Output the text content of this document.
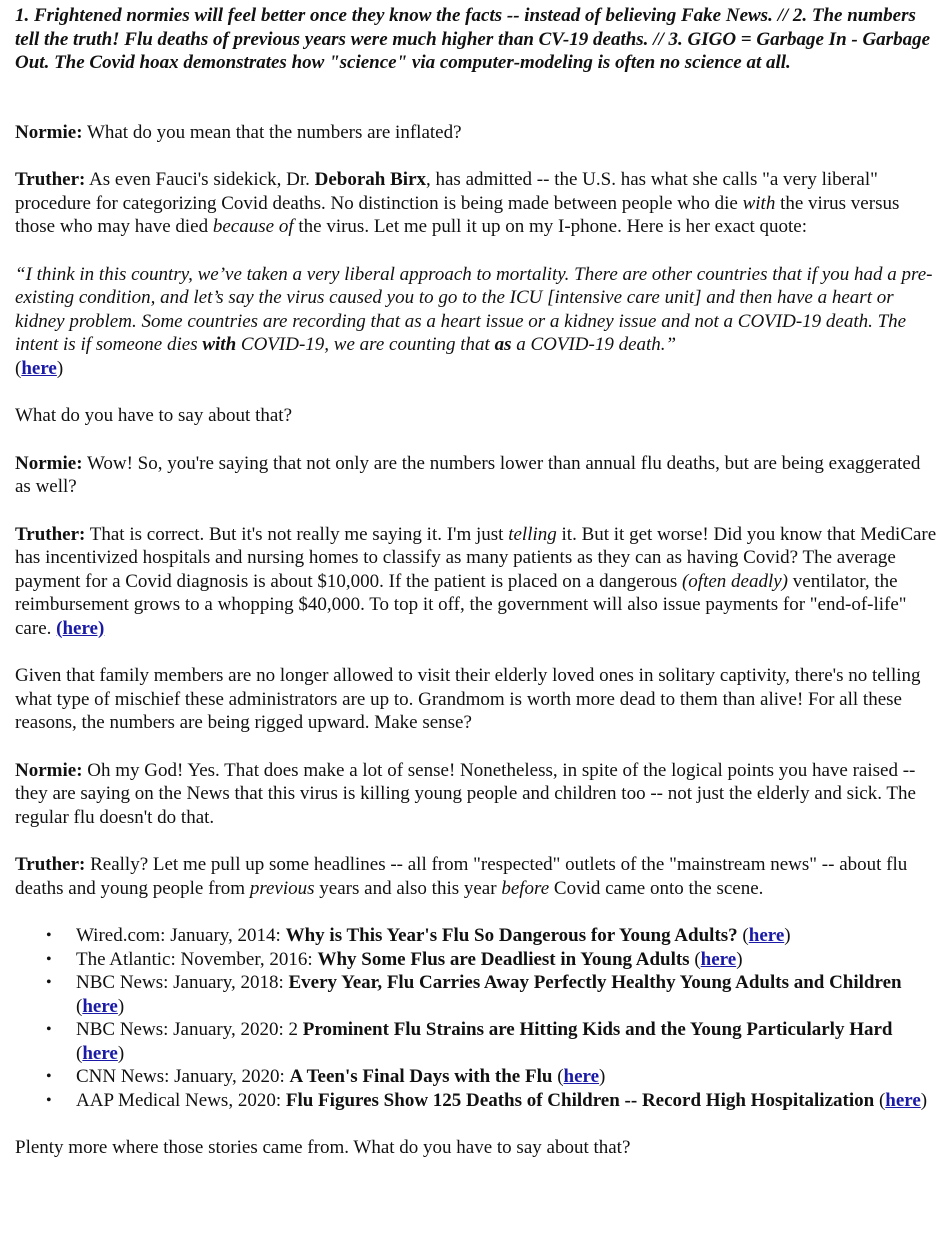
1. Frightened normies will feel better once they know the facts -- instead of believing Fake News. // 2. The numbers tell the truth! Flu deaths of previous years were much higher than CV-19 deaths. // 3. GIGO = Garbage In - Garbage Out. The Covid hoax demonstrates how "science" via computer-modeling is often no science at all.

Normie: What do you mean that the numbers are inflated?

Truther: As even Fauci's sidekick, Dr. Deborah Birx, has admitted -- the U.S. has what she calls "a very liberal" procedure for categorizing Covid deaths. No distinction is being made between people who die with the virus versus those who may have died because of the virus. Let me pull it up on my I-phone. Here is her exact quote:

“I think in this country, we’ve taken a very liberal approach to mortality. There are other countries that if you had a pre-existing condition, and let’s say the virus caused you to go to the ICU [intensive care unit] and then have a heart or kidney problem. Some countries are recording that as a heart issue or a kidney issue and not a COVID-19 death. The intent is if someone dies with COVID-19, we are counting that as a COVID-19 death.”
(here)

What do you have to say about that?

Normie: Wow! So, you're saying that not only are the numbers lower than annual flu deaths, but are being exaggerated as well?

Truther: That is correct. But it's not really me saying it. I'm just telling it. But it get worse! Did you know that MediCare has incentivized hospitals and nursing homes to classify as many patients as they can as having Covid? The average payment for a Covid diagnosis is about $10,000. If the patient is placed on a dangerous (often deadly) ventilator, the reimbursement grows to a whopping $40,000. To top it off, the government will also issue payments for "end-of-life" care. (here)

Given that family members are no longer allowed to visit their elderly loved ones in solitary captivity, there's no telling what type of mischief these administrators are up to. Grandmom is worth more dead to them than alive! For all these reasons, the numbers are being rigged upward. Make sense?

Normie: Oh my God! Yes. That does make a lot of sense! Nonetheless, in spite of the logical points you have raised -- they are saying on the News that this virus is killing young people and children too -- not just the elderly and sick. The regular flu doesn't do that.

Truther: Really? Let me pull up some headlines -- all from "respected" outlets of the "mainstream news" -- about flu deaths and young people from previous years and also this year before Covid came onto the scene.

• Wired.com: January, 2014: Why is This Year's Flu So Dangerous for Young Adults? (here)
• The Atlantic: November, 2016: Why Some Flus are Deadliest in Young Adults (here)
• NBC News: January, 2018: Every Year, Flu Carries Away Perfectly Healthy Young Adults and Children (here)
• NBC News: January, 2020: 2 Prominent Flu Strains are Hitting Kids and the Young Particularly Hard (here)
• CNN News: January, 2020: A Teen's Final Days with the Flu (here)
• AAP Medical News, 2020: Flu Figures Show 125 Deaths of Children -- Record High Hospitalization (here)

Plenty more where those stories came from. What do you have to say about that?
